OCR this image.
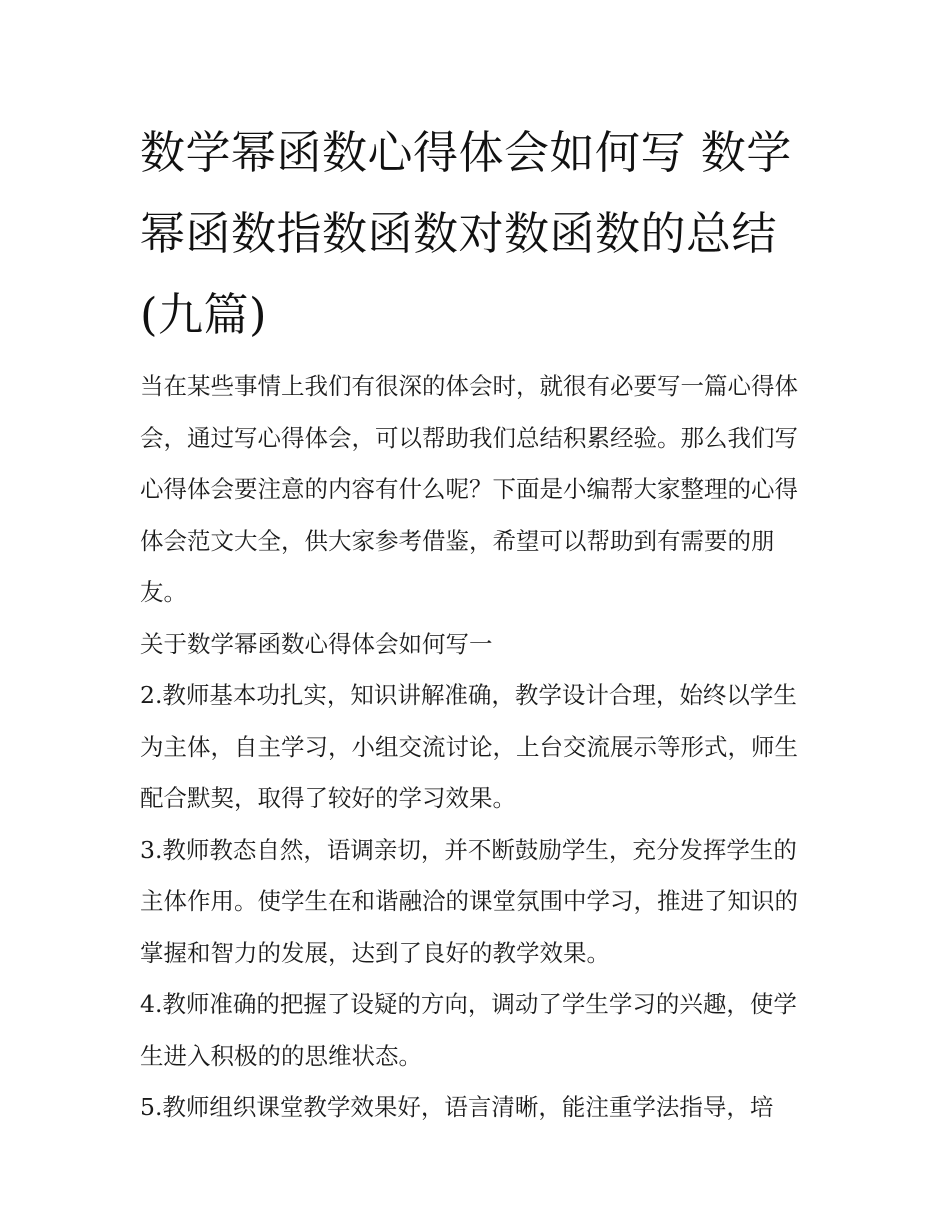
数学幂函数心得体会如何写 数学幂函数指数函数对数函数的总结(九篇)

当在某些事情上我们有很深的体会时，就很有必要写一篇心得体会，通过写心得体会，可以帮助我们总结积累经验。那么我们写心得体会要注意的内容有什么呢？下面是小编帮大家整理的心得体会范文大全，供大家参考借鉴，希望可以帮助到有需要的朋友。

关于数学幂函数心得体会如何写一

2.教师基本功扎实，知识讲解准确，教学设计合理，始终以学生为主体，自主学习，小组交流讨论，上台交流展示等形式，师生配合默契，取得了较好的学习效果。

3.教师教态自然，语调亲切，并不断鼓励学生，充分发挥学生的主体作用。使学生在和谐融洽的课堂氛围中学习，推进了知识的掌握和智力的发展，达到了良好的教学效果。

4.教师准确的把握了设疑的方向，调动了学生学习的兴趣，使学生进入积极的的思维状态。

5.教师组织课堂教学效果好，语言清晰，能注重学法指导，培
